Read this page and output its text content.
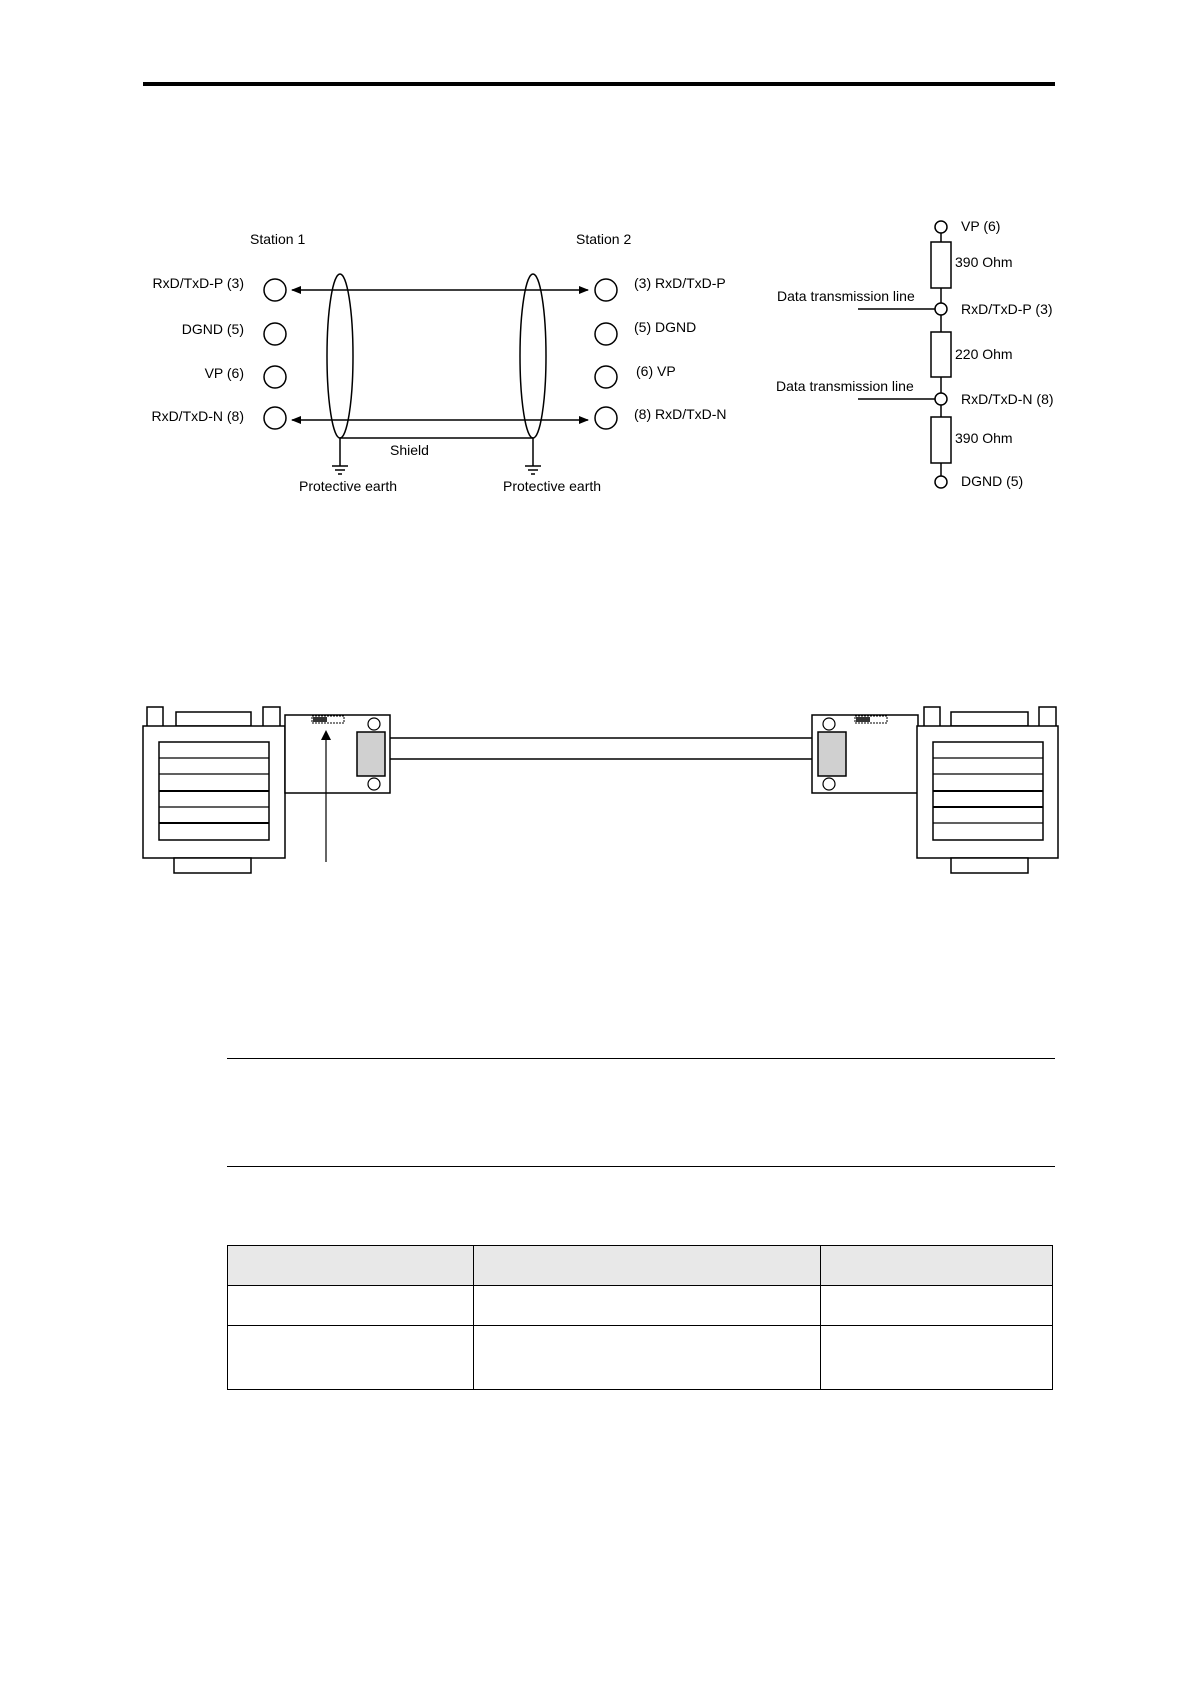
Station 1	Station 2
RxD/TxD-P (3)
DGND (5)
VP (6)
RxD/TxD-N (8)
(3) RxD/TxD-P
(5) DGND
(6) VP
(8) RxD/TxD-N
Shield
Protective earth	Protective earth
VP (6)
390 Ohm
Data transmission line
RxD/TxD-P (3)
220 Ohm
Data transmission line
RxD/TxD-N (8)
390 Ohm
DGND (5)
